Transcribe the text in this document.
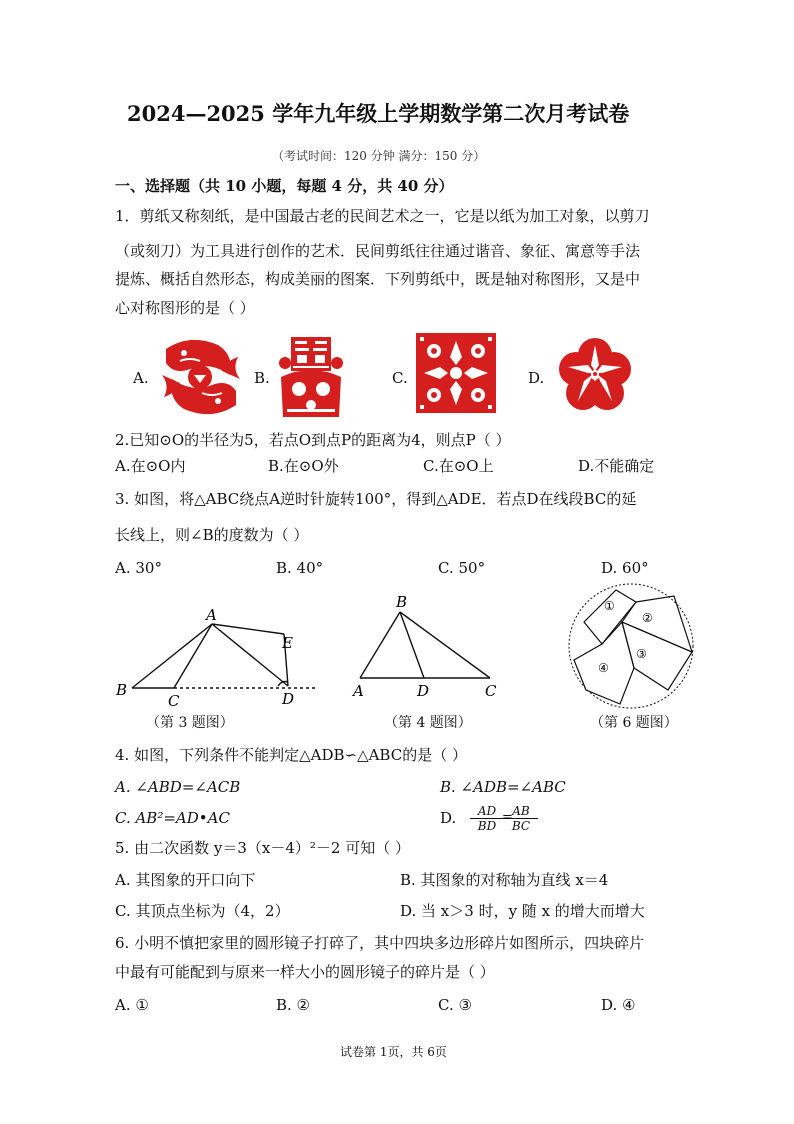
2024—2025 学年九年级上学期数学第二次月考试卷
（考试时间：120 分钟 满分：150 分）
一、选择题（共 10 小题，每题 4 分，共 40 分）
1．剪纸又称刻纸，是中国最古老的民间艺术之一，它是以纸为加工对象，以剪刀
（或刻刀）为工具进行创作的艺术．民间剪纸往往通过谐音、象征、寓意等手法
提炼、概括自然形态，构成美丽的图案．下列剪纸中，既是轴对称图形，又是中
心对称图形的是（ ）
A.	B.	C.	D.
2.已知⊙O的半径为5，若点O到点P的距离为4，则点P（ ）
A.在⊙O内	B.在⊙O外	C.在⊙O上	D.不能确定
3. 如图，将△ABC绕点A逆时针旋转100°，得到△ADE．若点D在线段BC的延
长线上，则∠B的度数为（ ）
A. 30°	B. 40°	C. 50°	D. 60°
A
B
C	D
E
（第 3 题图）
B
A	D	C
（第 4 题图）
①
②
③
④
（第 6 题图）
4. 如图，下列条件不能判定△ADB∽△ABC的是（ ）
A. ∠ABD=∠ACB	B. ∠ADB=∠ABC
C. AB²=AD•AC	D. $\frac{AD}{BD}$
=
$\frac{AB}{BC}$
5. 由二次函数 y＝3（x－4）²－2 可知（ ）
A. 其图象的开口向下	B. 其图象的对称轴为直线 x＝4
C. 其顶点坐标为（4，2）	D. 当 x＞3 时，y 随 x 的增大而增大
6. 小明不慎把家里的圆形镜子打碎了，其中四块多边形碎片如图所示，四块碎片
中最有可能配到与原来一样大小的圆形镜子的碎片是（ ）
A. ①	B. ②	C. ③	D. ④
试卷第 1页，共 6页
